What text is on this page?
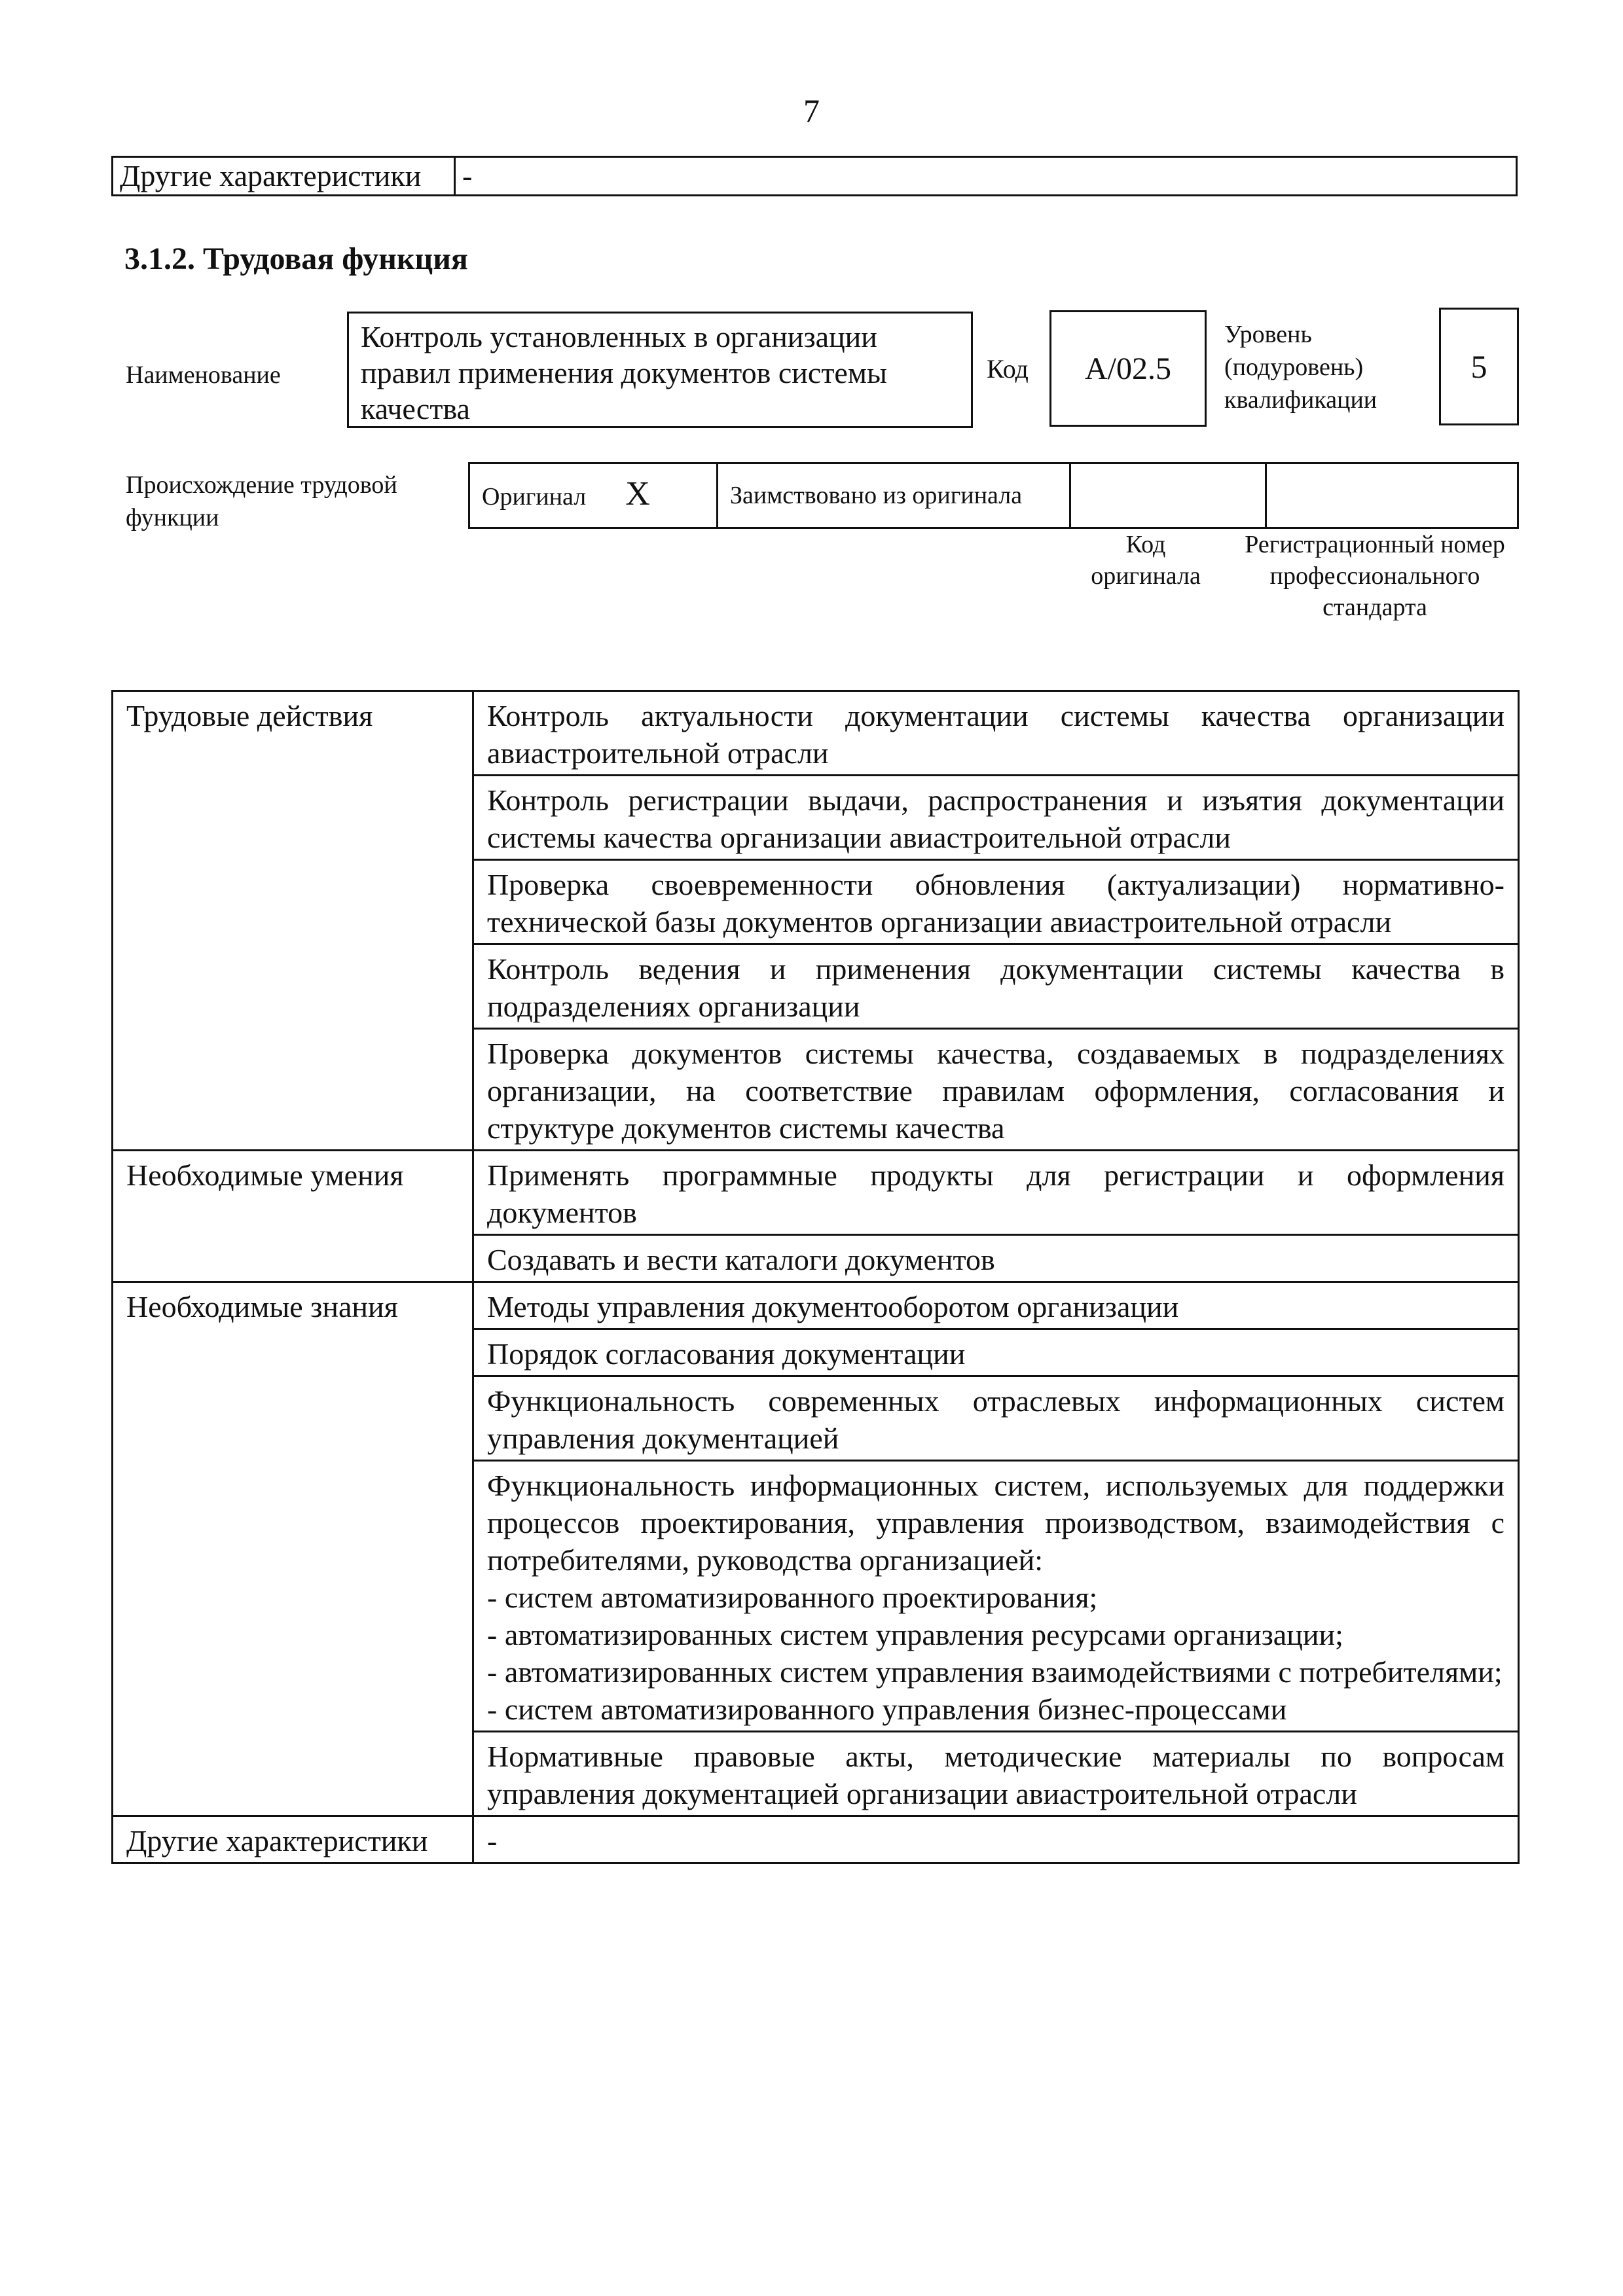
7
Другие характеристики	-
3.1.2. Трудовая функция
Наименование
Контроль установленных в организации правил применения документов системы качества
Код	A/02.5
Уровень (подуровень) квалификации
5
Происхождение трудовой функции
Оригинал X	Заимствовано из оригинала		
Код оригинала
Регистрационный номер профессионального стандарта
Трудовые действия	Контроль актуальности документации системы качества организации авиастроительной отрасли
	Контроль регистрации выдачи, распространения и изъятия документации системы качества организации авиастроительной отрасли
	Проверка своевременности обновления (актуализации) нормативно-технической базы документов организации авиастроительной отрасли
	Контроль ведения и применения документации системы качества в подразделениях организации
	Проверка документов системы качества, создаваемых в подразделениях организации, на соответствие правилам оформления, согласования и структуре документов системы качества
Необходимые умения	Применять программные продукты для регистрации и оформления документов
	Создавать и вести каталоги документов
Необходимые знания	Методы управления документооборотом организации
	Порядок согласования документации
	Функциональность современных отраслевых информационных систем управления документацией

	Функциональность информационных систем, используемых для поддержки процессов проектирования, управления производством, взаимодействия с потребителями, руководства организацией:
- систем автоматизированного проектирования;
- автоматизированных систем управления ресурсами организации;
- автоматизированных систем управления взаимодействиями с потребителями;
- систем автоматизированного управления бизнес-процессами

	Нормативные правовые акты, методические материалы по вопросам управления документацией организации авиастроительной отрасли
Другие характеристики	-
